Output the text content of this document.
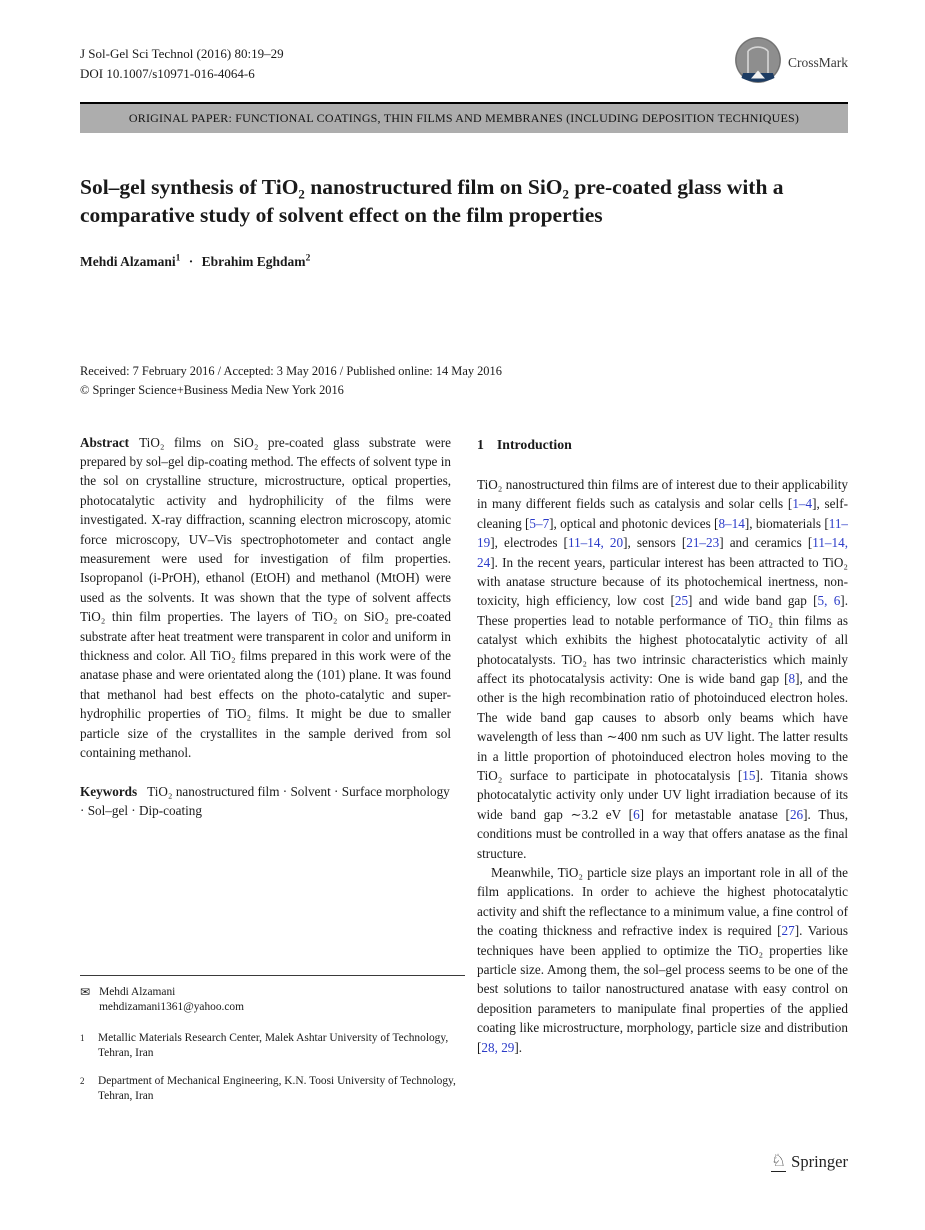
J Sol-Gel Sci Technol (2016) 80:19–29
DOI 10.1007/s10971-016-4064-6
CrossMark
ORIGINAL PAPER: FUNCTIONAL COATINGS, THIN FILMS AND MEMBRANES (INCLUDING DEPOSITION TECHNIQUES)
Sol–gel synthesis of TiO₂ nanostructured film on SiO₂ pre-coated glass with a comparative study of solvent effect on the film properties
Mehdi Alzamani$^1$ · Ebrahim Eghdam$^2$
Received: 7 February 2016 / Accepted: 3 May 2016 / Published online: 14 May 2016
© Springer Science+Business Media New York 2016

Abstract TiO₂ films on SiO₂ pre-coated glass substrate were prepared by sol–gel dip-coating method. The effects of solvent type in the sol on crystalline structure, microstructure, optical properties, photocatalytic activity and hydrophilicity of the films were investigated. X-ray diffraction, scanning electron microscopy, atomic force microscopy, UV–Vis spectrophotometer and contact angle measurement were used for investigation of film properties. Isopropanol (i-PrOH), ethanol (EtOH) and methanol (MtOH) were used as the solvents. It was shown that the type of solvent affects TiO₂ thin film properties. The layers of TiO₂ on SiO₂ pre-coated substrate after heat treatment were transparent in color and uniform in thickness and color. All TiO₂ films prepared in this work were of the anatase phase and were orientated along the (101) plane. It was found that methanol had best effects on the photo-catalytic and super-hydrophilic properties of TiO₂ films. It might be due to smaller particle size of the crystallites in the sample derived from sol containing methanol.

Keywords TiO₂ nanostructured film · Solvent · Surface morphology · Sol–gel · Dip-coating

✉ Mehdi Alzamani
mehdizamani1361@yahoo.com
1 Metallic Materials Research Center, Malek Ashtar University of Technology, Tehran, Iran
2 Department of Mechanical Engineering, K.N. Toosi University of Technology, Tehran, Iran
1 Introduction

TiO₂ nanostructured thin films are of interest due to their applicability in many different fields such as catalysis and solar cells [1–4], self-cleaning [5–7], optical and photonic devices [8–14], biomaterials [11–19], electrodes [11–14, 20], sensors [21–23] and ceramics [11–14, 24]. In the recent years, particular interest has been attracted to TiO₂ with anatase structure because of its photochemical inertness, non-toxicity, high efficiency, low cost [25] and wide band gap [5, 6]. These properties lead to notable performance of TiO₂ thin films as catalyst which exhibits the highest photocatalytic activity of all photocatalysts. TiO₂ has two intrinsic characteristics which mainly affect its photocatalysis activity: One is wide band gap [8], and the other is the high recombination ratio of photoinduced electron holes. The wide band gap causes to absorb only beams which have wavelength of less than ∼400 nm such as UV light. The latter results in a little proportion of photoinduced electron holes moving to the TiO₂ surface to participate in photocatalysis [15]. Titania shows photocatalytic activity only under UV light irradiation because of its wide band gap ∼3.2 eV [6] for metastable anatase [26]. Thus, conditions must be controlled in a way that offers anatase as the final structure.

Meanwhile, TiO₂ particle size plays an important role in all of the film applications. In order to achieve the highest photocatalytic activity and shift the reflectance to a minimum value, a fine control of the coating thickness and refractive index is required [27]. Various techniques have been applied to optimize the TiO₂ properties like particle size. Among them, the sol–gel process seems to be one of the best solutions to tailor nanostructured anatase with easy control on deposition parameters to manipulate final properties of the applied coating like microstructure, morphology, particle size and distribution [28, 29].

♘ Springer
